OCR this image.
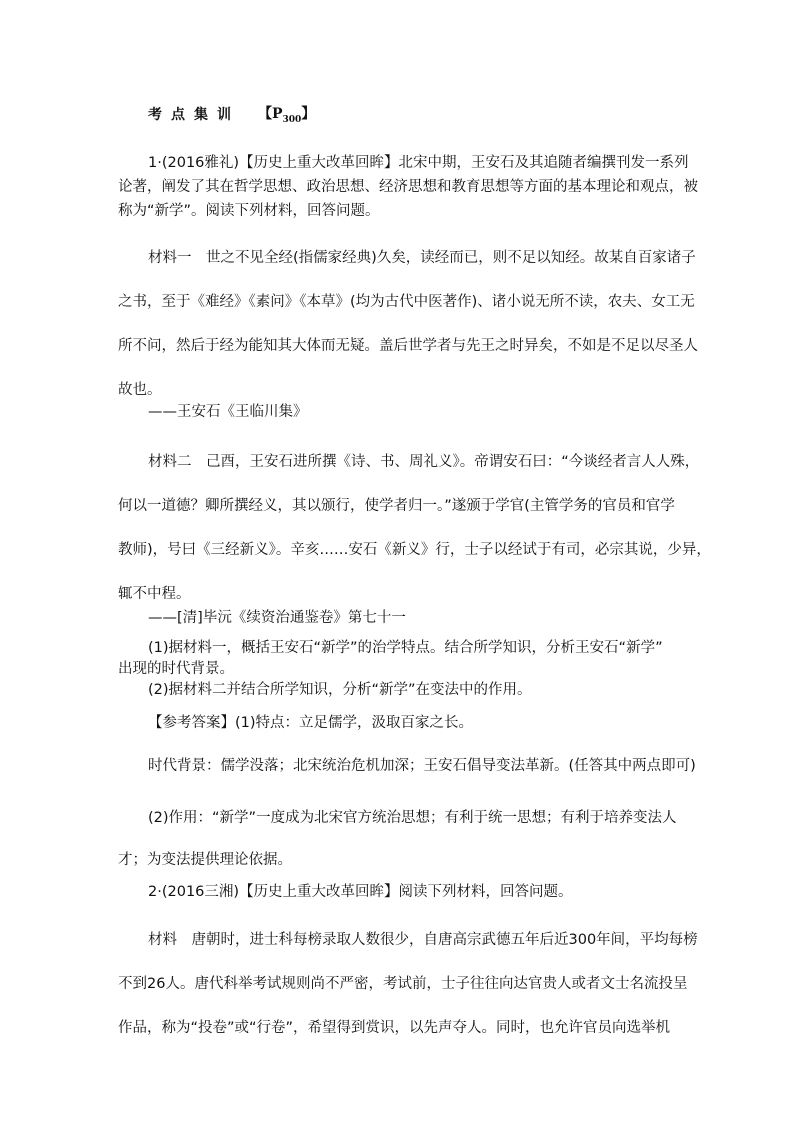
考点集训 【$P_{300}$】
1·(2016雅礼)【历史上重大改革回眸】北宋中期，王安石及其追随者编撰刊发一系列
论著，阐发了其在哲学思想、政治思想、经济思想和教育思想等方面的基本理论和观点，被
称为“新学”。阅读下列材料，回答问题。
材料一　世之不见全经(指儒家经典)久矣，读经而已，则不足以知经。故某自百家诸子
之书，至于《难经》《素问》《本草》(均为古代中医著作)、诸小说无所不读，农夫、女工无
所不问，然后于经为能知其大体而无疑。盖后世学者与先王之时异矣，不如是不足以尽圣人
故也。
——王安石《王临川集》
材料二　己酉，王安石进所撰《诗、书、周礼义》。帝谓安石曰：“今谈经者言人人殊，
何以一道德？卿所撰经义，其以颁行，使学者归一。”遂颁于学官(主管学务的官员和官学
教师)，号曰《三经新义》。辛亥……安石《新义》行，士子以经试于有司，必宗其说，少异，
辄不中程。
——[清]毕沅《续资治通鉴卷》第七十一
(1)据材料一，概括王安石“新学”的治学特点。结合所学知识，分析王安石“新学”
出现的时代背景。
(2)据材料二并结合所学知识，分析“新学”在变法中的作用。
【参考答案】(1)特点：立足儒学，汲取百家之长。
时代背景：儒学没落；北宋统治危机加深；王安石倡导变法革新。(任答其中两点即可)
(2)作用：“新学”一度成为北宋官方统治思想；有利于统一思想；有利于培养变法人
才；为变法提供理论依据。
2·(2016三湘)【历史上重大改革回眸】阅读下列材料，回答问题。
材料　唐朝时，进士科每榜录取人数很少，自唐高宗武德五年后近300年间，平均每榜
不到26人。唐代科举考试规则尚不严密，考试前，士子往往向达官贵人或者文士名流投呈
作品，称为“投卷”或“行卷”，希望得到赏识，以先声夺人。同时，也允许官员向选举机
